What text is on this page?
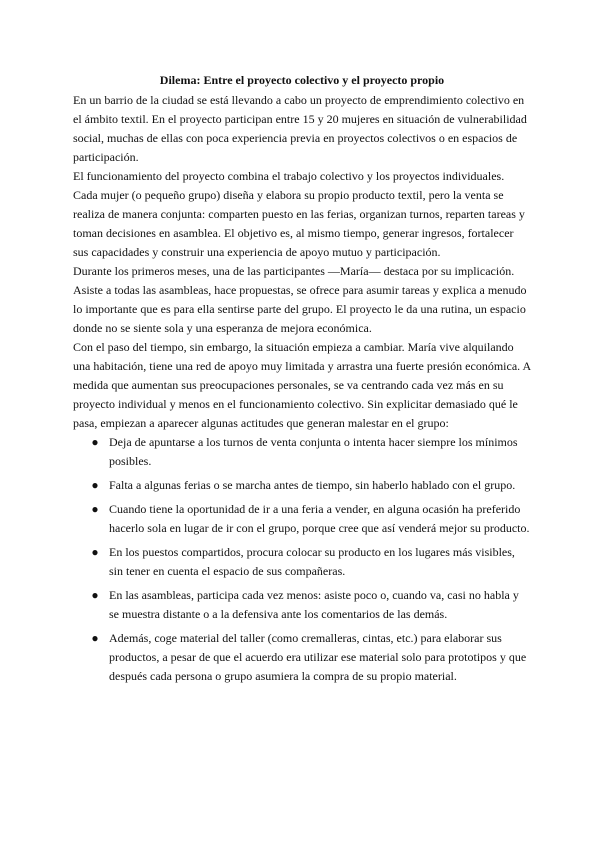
Dilema: Entre el proyecto colectivo y el proyecto propio

En un barrio de la ciudad se está llevando a cabo un proyecto de emprendimiento colectivo en el ámbito textil. En el proyecto participan entre 15 y 20 mujeres en situación de vulnerabilidad social, muchas de ellas con poca experiencia previa en proyectos colectivos o en espacios de participación.

El funcionamiento del proyecto combina el trabajo colectivo y los proyectos individuales. Cada mujer (o pequeño grupo) diseña y elabora su propio producto textil, pero la venta se realiza de manera conjunta: comparten puesto en las ferias, organizan turnos, reparten tareas y toman decisiones en asamblea. El objetivo es, al mismo tiempo, generar ingresos, fortalecer sus capacidades y construir una experiencia de apoyo mutuo y participación.

Durante los primeros meses, una de las participantes —María— destaca por su implicación. Asiste a todas las asambleas, hace propuestas, se ofrece para asumir tareas y explica a menudo lo importante que es para ella sentirse parte del grupo. El proyecto le da una rutina, un espacio donde no se siente sola y una esperanza de mejora económica.

Con el paso del tiempo, sin embargo, la situación empieza a cambiar. María vive alquilando una habitación, tiene una red de apoyo muy limitada y arrastra una fuerte presión económica. A medida que aumentan sus preocupaciones personales, se va centrando cada vez más en su proyecto individual y menos en el funcionamiento colectivo. Sin explicitar demasiado qué le pasa, empiezan a aparecer algunas actitudes que generan malestar en el grupo:

● Deja de apuntarse a los turnos de venta conjunta o intenta hacer siempre los mínimos posibles.
● Falta a algunas ferias o se marcha antes de tiempo, sin haberlo hablado con el grupo.
● Cuando tiene la oportunidad de ir a una feria a vender, en alguna ocasión ha preferido hacerlo sola en lugar de ir con el grupo, porque cree que así venderá mejor su producto.
● En los puestos compartidos, procura colocar su producto en los lugares más visibles, sin tener en cuenta el espacio de sus compañeras.
● En las asambleas, participa cada vez menos: asiste poco o, cuando va, casi no habla y se muestra distante o a la defensiva ante los comentarios de las demás.
● Además, coge material del taller (como cremalleras, cintas, etc.) para elaborar sus productos, a pesar de que el acuerdo era utilizar ese material solo para prototipos y que después cada persona o grupo asumiera la compra de su propio material.
